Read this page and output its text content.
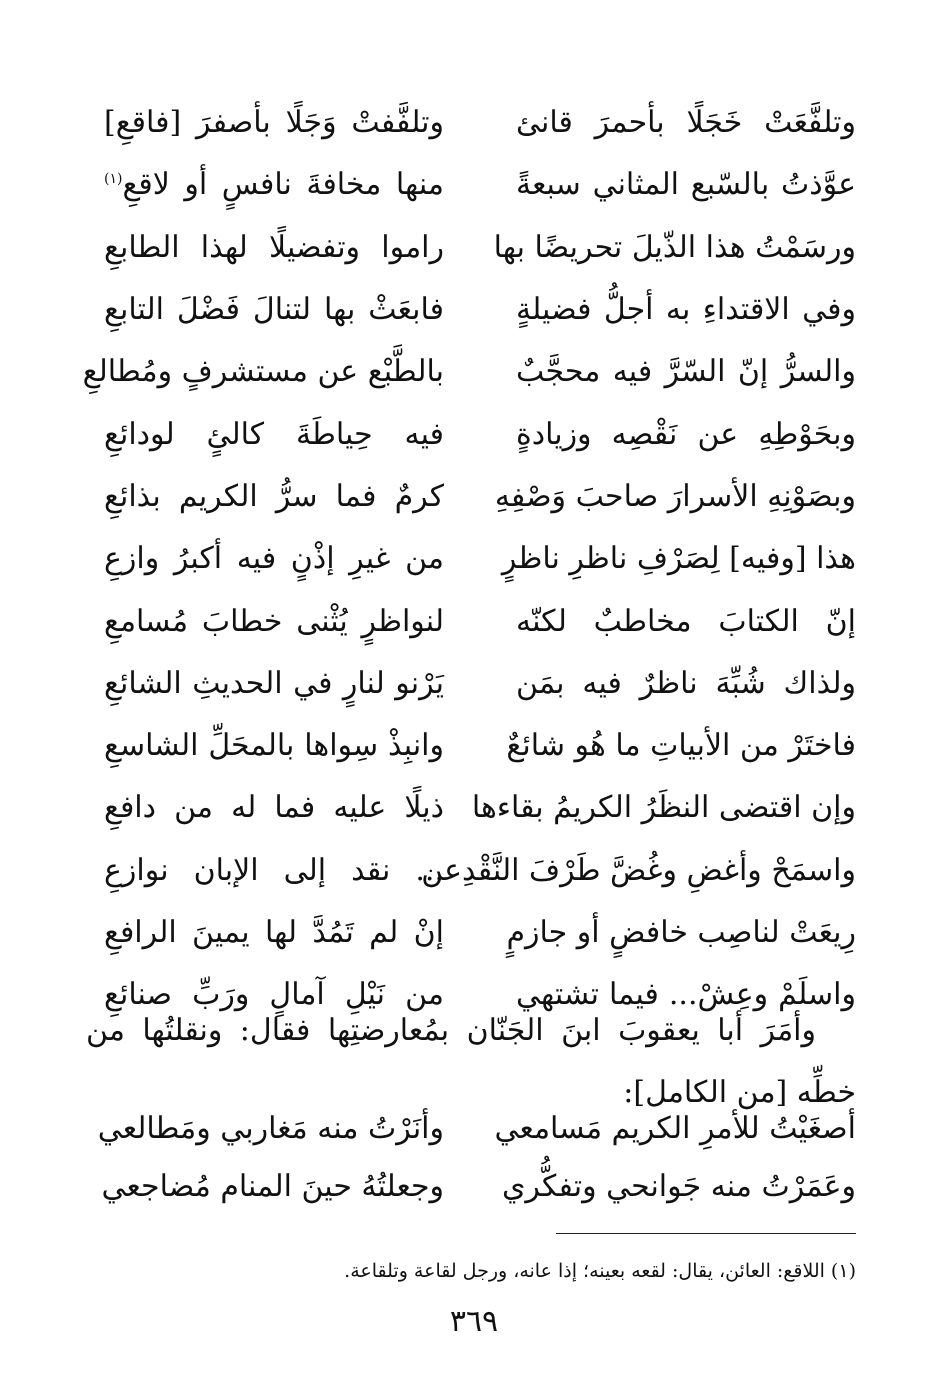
وتلفَّعَتْ خَجَلًا بأحمرَ قانئ
وتلفَّفتْ وَجَلًا بأصفرَ [فاقعِ]
عوَّذتُ بالسّبع المثاني سبعةً
منها مخافةَ نافسٍ أو لاقعِ$^{(١)}$
ورسَمْتُ هذا الذّيلَ تحريضًا بها
راموا وتفضيلًا لهذا الطابعِ
وفي الاقتداءِ به أجلُّ فضيلةٍ
فابعَثْ بها لتنالَ فَضْلَ التابعِ
والسرُّ إنّ السّرَّ فيه محجَّبٌ
بالطَّبْع عن مستشرفٍ ومُطالعِ
وبحَوْطِهِ عن نَقْصِه وزيادةٍ
فيه حِياطَةَ كالئٍ لودائعِ
وبصَوْنِهِ الأسرارَ صاحبَ وَصْفِهِ
كرمٌ فما سرُّ الكريم بذائعِ
هذا [وفيه] لِصَرْفِ ناظرِ ناظرٍ
من غيرِ إذْنٍ فيه أكبرُ وازعِ
إنّ الكتابَ مخاطبٌ لكنّه
لنواظرٍ يُثْنى خطابَ مُسامعِ
ولذاك شُبِّهَ ناظرٌ فيه بمَن
يَرْنو لنارٍ في الحديثِ الشائعِ
فاختَرْ من الأبياتِ ما هُو شائعٌ
وانبِذْ سِواها بالمحَلِّ الشاسعِ
وإن اقتضى النظَرُ الكريمُ بقاءها
ذيلًا عليه فما له من دافعِ
واسمَحْ وأغضِ وغُضَّ طَرْفَ النَّقْدِعن
... نقد إلى الإبان نوازعِ
رِيعَتْ لناصِب خافضٍ أو جازمٍ
إنْ لم تَمُدَّ لها يمينَ الرافعِ
واسلَمْ وعِشْ... فيما تشتهي
من نَيْلِ آمالٍ ورَبِّ صنائعِ
وأمَرَ أبا يعقوبَ ابنَ الجَنّان بمُعارضتِها فقال: ونقلتُها من خطِّه [من الكامل]:
أصغَيْتُ للأمرِ الكريم مَسامعي
وأنَرْتُ منه مَغاربي ومَطالعي
وعَمَرْتُ منه جَوانحي وتفكُّري
وجعلتُهُ حينَ المنام مُضاجعي
(١) اللاقع: العائن، يقال: لقعه بعينه؛ إذا عانه، ورجل لقاعة وتلقاعة.
٣٦٩
